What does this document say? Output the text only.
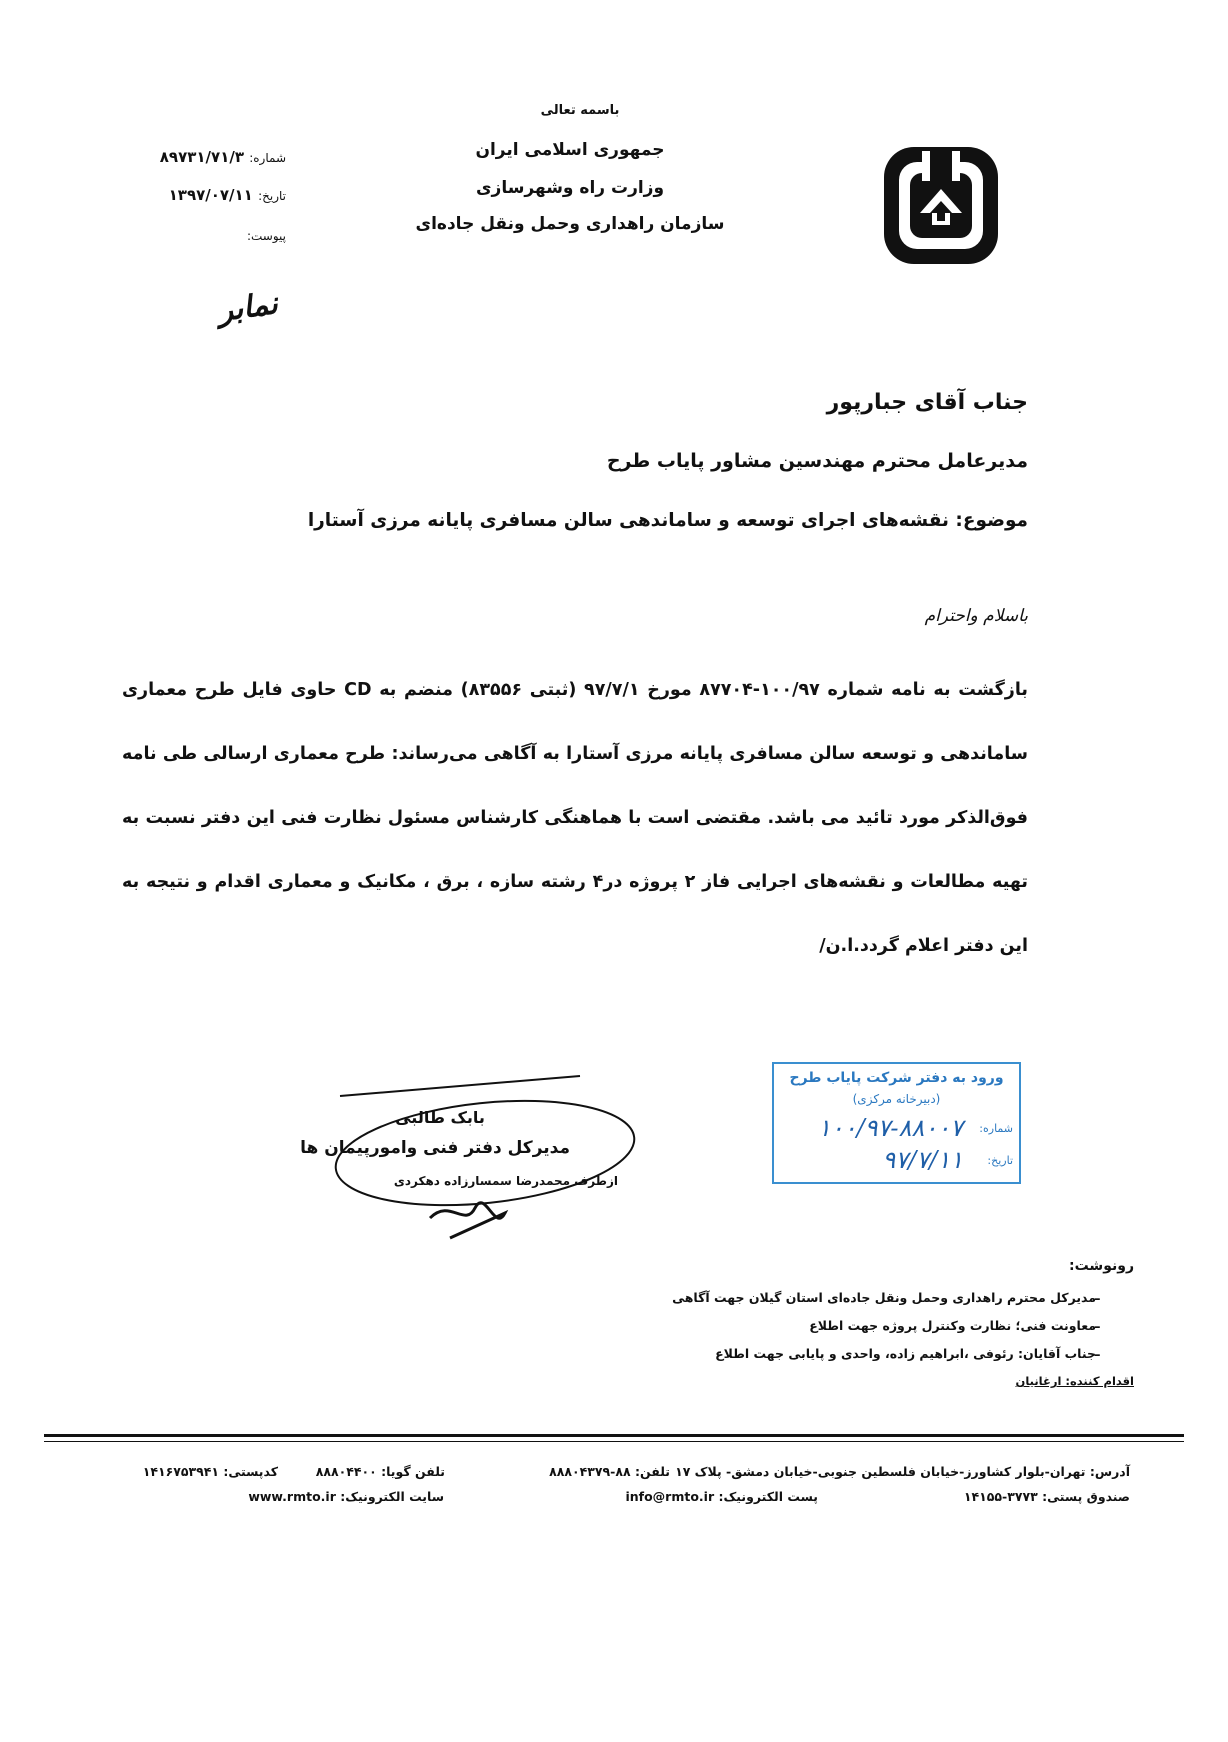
باسمه تعالی
جمهوری اسلامی ایران
وزارت راه وشهرسازی
سازمان راهداری وحمل ونقل جاده‌ای
شماره: ۸۹۷۳۱/۷۱/۳
تاریخ: ۱۳۹۷/۰۷/۱۱
پیوست:
نمابر
جناب آقای جبارپور
مدیرعامل محترم مهندسین مشاور پایاب طرح
موضوع: نقشه‌های اجرای توسعه و ساماندهی سالن مسافری پایانه مرزی آستارا
باسلام واحترام
بازگشت به نامه شماره ۱۰۰/۹۷-۸۷۷۰۴ مورخ ۹۷/۷/۱ (ثبتی ۸۳۵۵۶) منضم به CD حاوی فایل طرح معماری ساماندهی و توسعه سالن مسافری پایانه مرزی آستارا به آگاهی می‌رساند: طرح معماری ارسالی طی نامه فوق‌الذکر مورد تائید می باشد. مقتضی است با هماهنگی کارشناس مسئول نظارت فنی این دفتر نسبت به تهیه مطالعات و نقشه‌های اجرایی فاز ۲ پروژه در۴ رشته سازه ، برق ، مکانیک و معماری اقدام و نتیجه به این دفتر اعلام گردد.ا.ن/
ورود به دفتر شرکت پایاب طرح
(دبیرخانه مرکزی)
شماره:
۱۰۰/۹۷-۸۸۰۰۷
تاریخ:
۹۷/۷/۱۱
بابک طالبی
مدیرکل دفتر فنی وامورپیمان ها
ازطرف محمدرضا سمسارزاده دهکردی
رونوشت:
مدیرکل محترم راهداری وحمل ونقل جاده‌ای استان گیلان جهت آگاهی
معاونت فنی؛ نظارت وکنترل پروژه جهت اطلاع
جناب آقایان: رئوفی ،ابراهیم زاده، واحدی و پایابی جهت اطلاع
–
–
–
اقدام کننده: ارغانیان
آدرس: تهران-بلوار کشاورز-خیابان فلسطین جنوبی-خیابان دمشق- پلاک ۱۷
تلفن: ۸۸-۸۸۸۰۴۳۷۹
تلفن گویا: ۸۸۸۰۴۴۰۰
کدپستی: ۱۴۱۶۷۵۳۹۴۱
صندوق پستی: ۳۷۷۳-۱۴۱۵۵
پست الکترونیک: info@rmto.ir
سایت الکترونیک: www.rmto.ir
